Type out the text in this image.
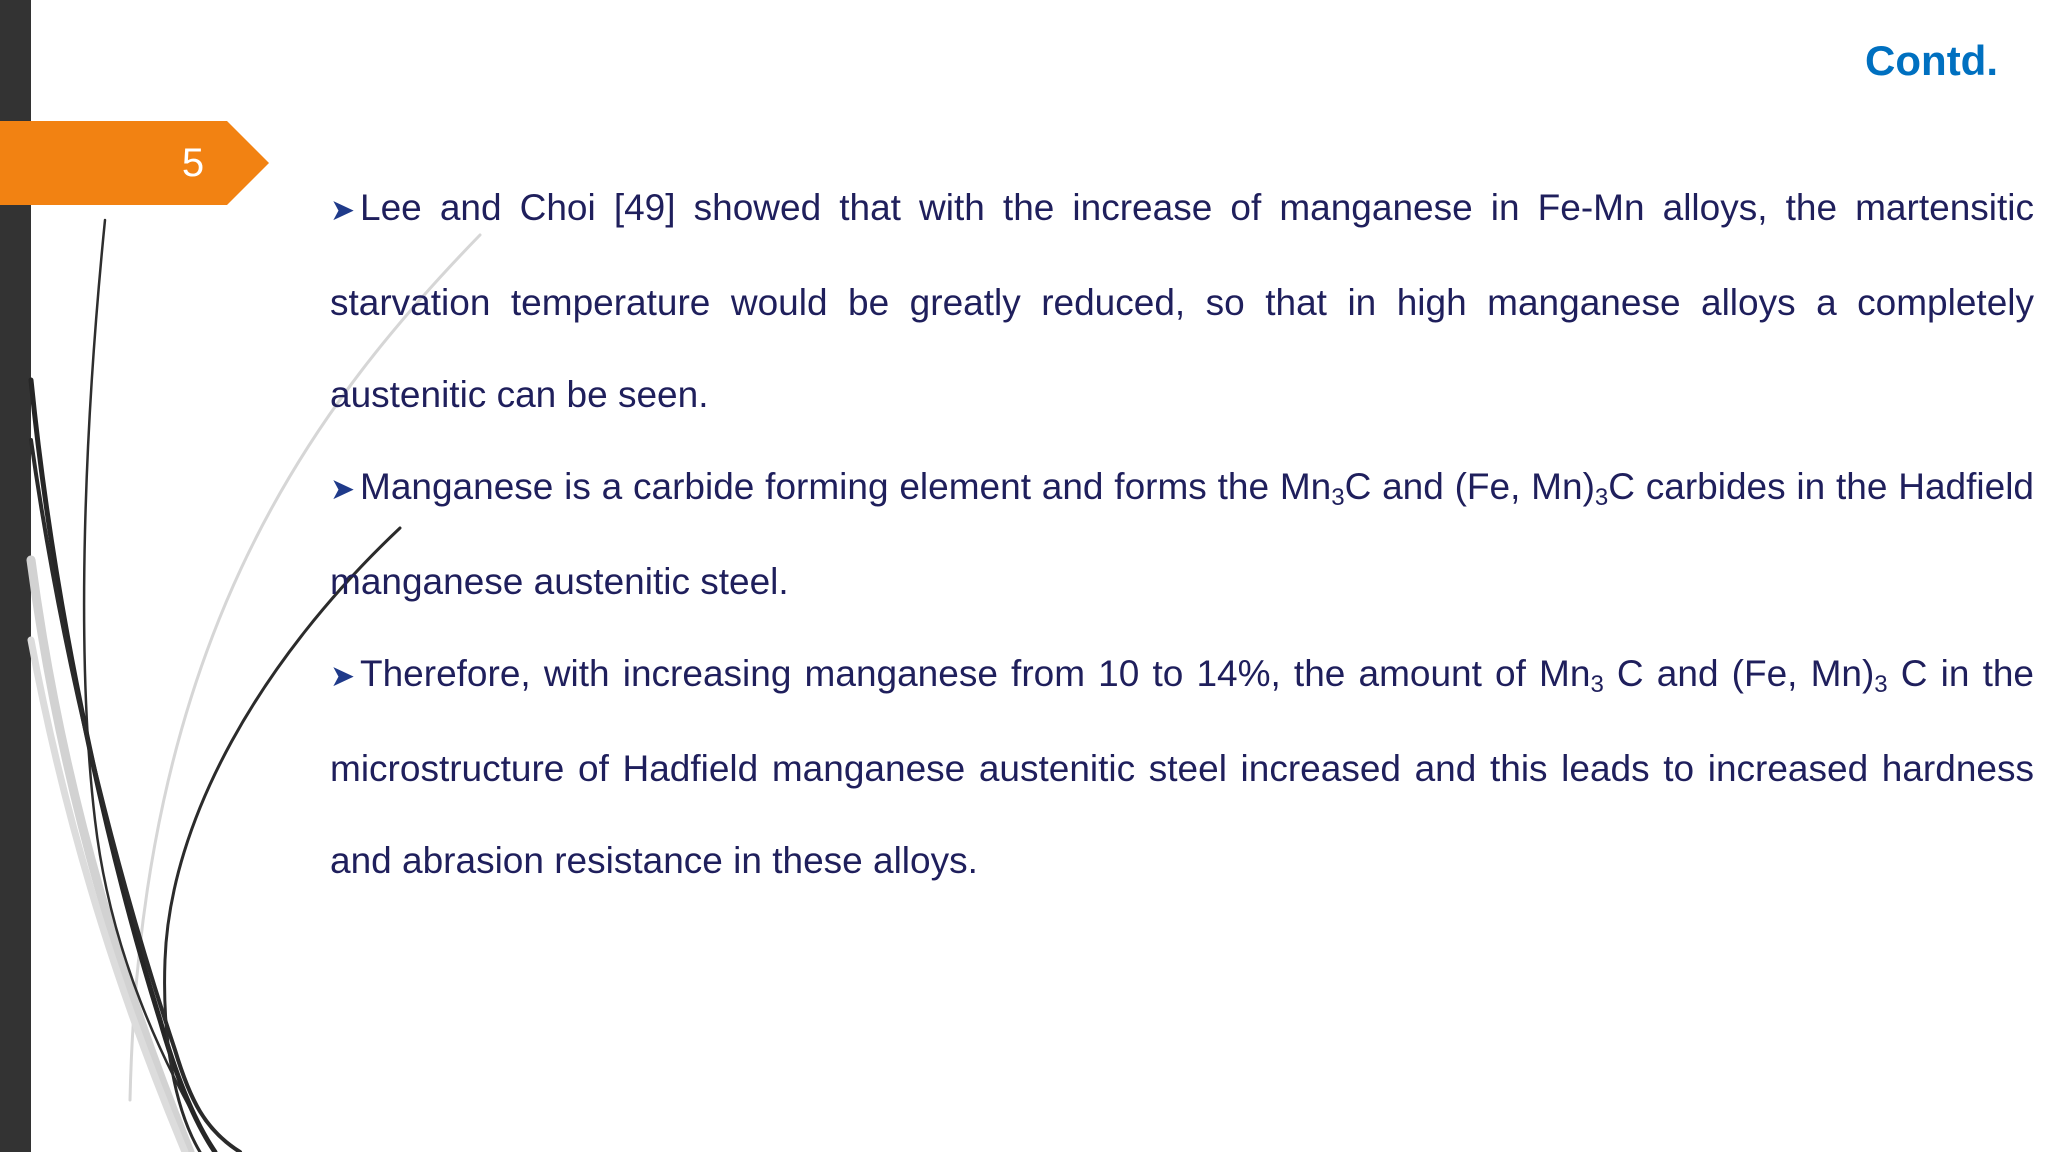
5
Contd.

➤ Lee and Choi [49] showed that with the increase of manganese in Fe-Mn alloys, the martensitic starvation temperature would be greatly reduced, so that in high manganese alloys a completely austenitic can be seen.

➤ Manganese is a carbide forming element and forms the $Mn_3C$ and (Fe, $Mn)_3C$ carbides in the Hadfield manganese austenitic steel.

➤ Therefore, with increasing manganese from 10 to 14%, the amount of $Mn_3$ C and (Fe, $Mn)_3$ C in the microstructure of Hadfield manganese austenitic steel increased and this leads to increased hardness and abrasion resistance in these alloys.
